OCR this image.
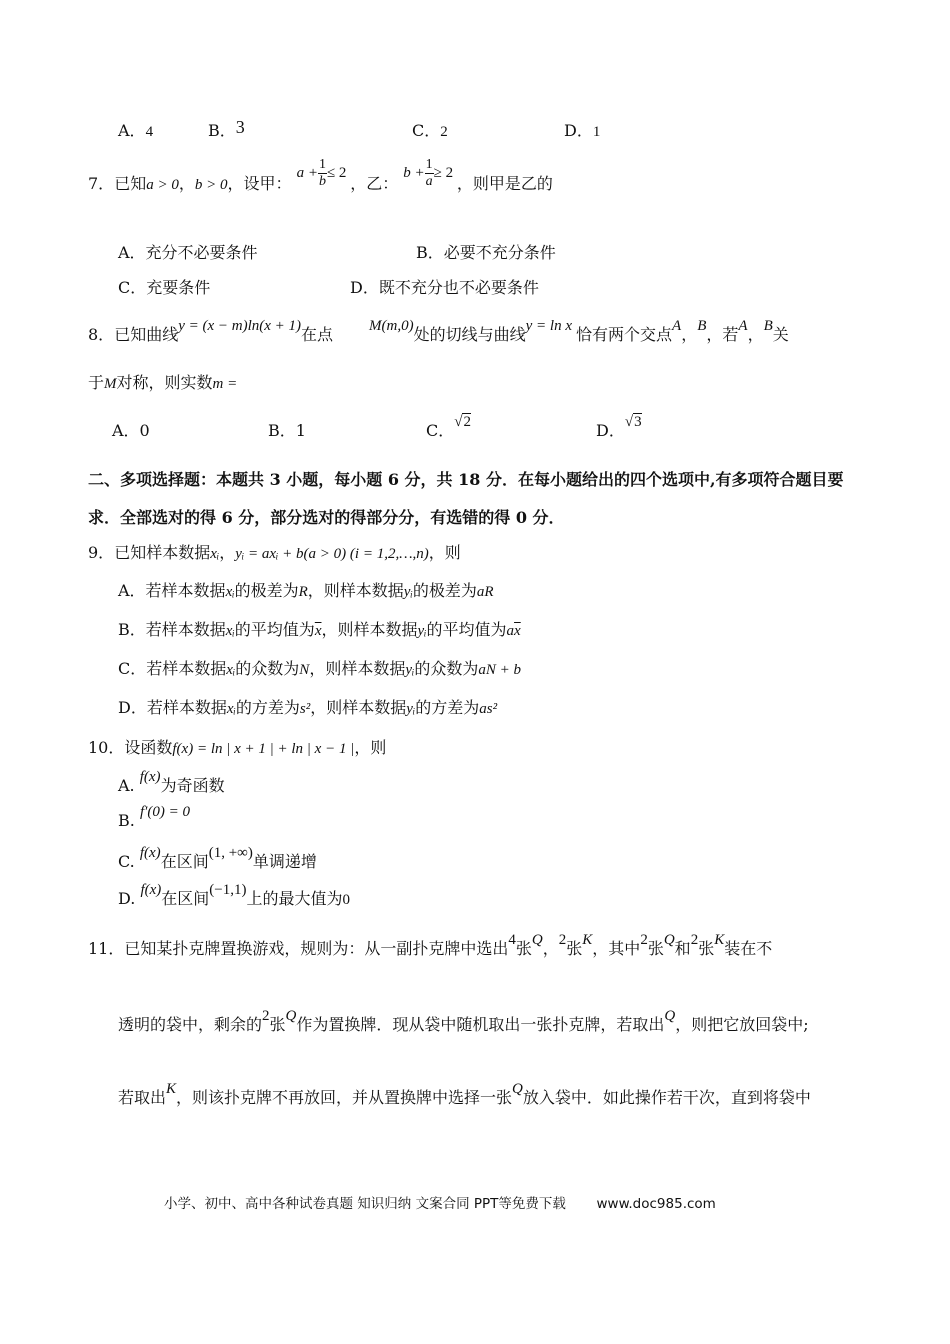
A．4	B．3	C．2	D．1
7．已知a > 0，b > 0，设甲： $a + \frac{1}{b} \le 2$ ，乙： $b + \frac{1}{a} \ge 2$ ，则甲是乙的
A．充分不必要条件	B．必要不充分条件
C．充要条件	D．既不充分也不必要条件
8．已知曲线y = (x − m)ln(x + 1)在点 M(m,0)处的切线与曲线y = ln x 恰有两个交点A，B，若A，B关
于M对称，则实数m =
A．0	B．1	C．√2	D．√3
二、多项选择题：本题共 3 小题，每小题 6 分，共 18 分．在每小题给出的四个选项中,有多项符合题目要
求．全部选对的得 6 分，部分选对的得部分分，有选错的得 0 分．
9．已知样本数据xᵢ，yᵢ = axᵢ + b(a > 0) (i = 1,2,…,n)，则
A．若样本数据xᵢ的极差为R，则样本数据yᵢ的极差为aR
B．若样本数据xᵢ的平均值为$\overline{x}$，则样本数据yᵢ的平均值为$a\overline{x}$
C．若样本数据xᵢ的众数为N，则样本数据yᵢ的众数为aN + b
D．若样本数据xᵢ的方差为s²，则样本数据yᵢ的方差为as²
10．设函数f(x) = ln | x + 1 | + ln | x − 1 |，则
A. f(x)为奇函数
B. f′(0) = 0
C. f(x)在区间(1, +∞)单调递增
D. f(x)在区间(−1,1)上的最大值为0
11．已知某扑克牌置换游戏，规则为：从一副扑克牌中选出4张Q，2张K，其中2张Q和2张K装在不
透明的袋中，剩余的2张Q作为置换牌．现从袋中随机取出一张扑克牌，若取出Q，则把它放回袋中;
若取出K，则该扑克牌不再放回，并从置换牌中选择一张Q放入袋中．如此操作若干次，直到将袋中
小学、初中、高中各种试卷真题 知识归纳 文案合同 PPT等免费下载 www.doc985.com
